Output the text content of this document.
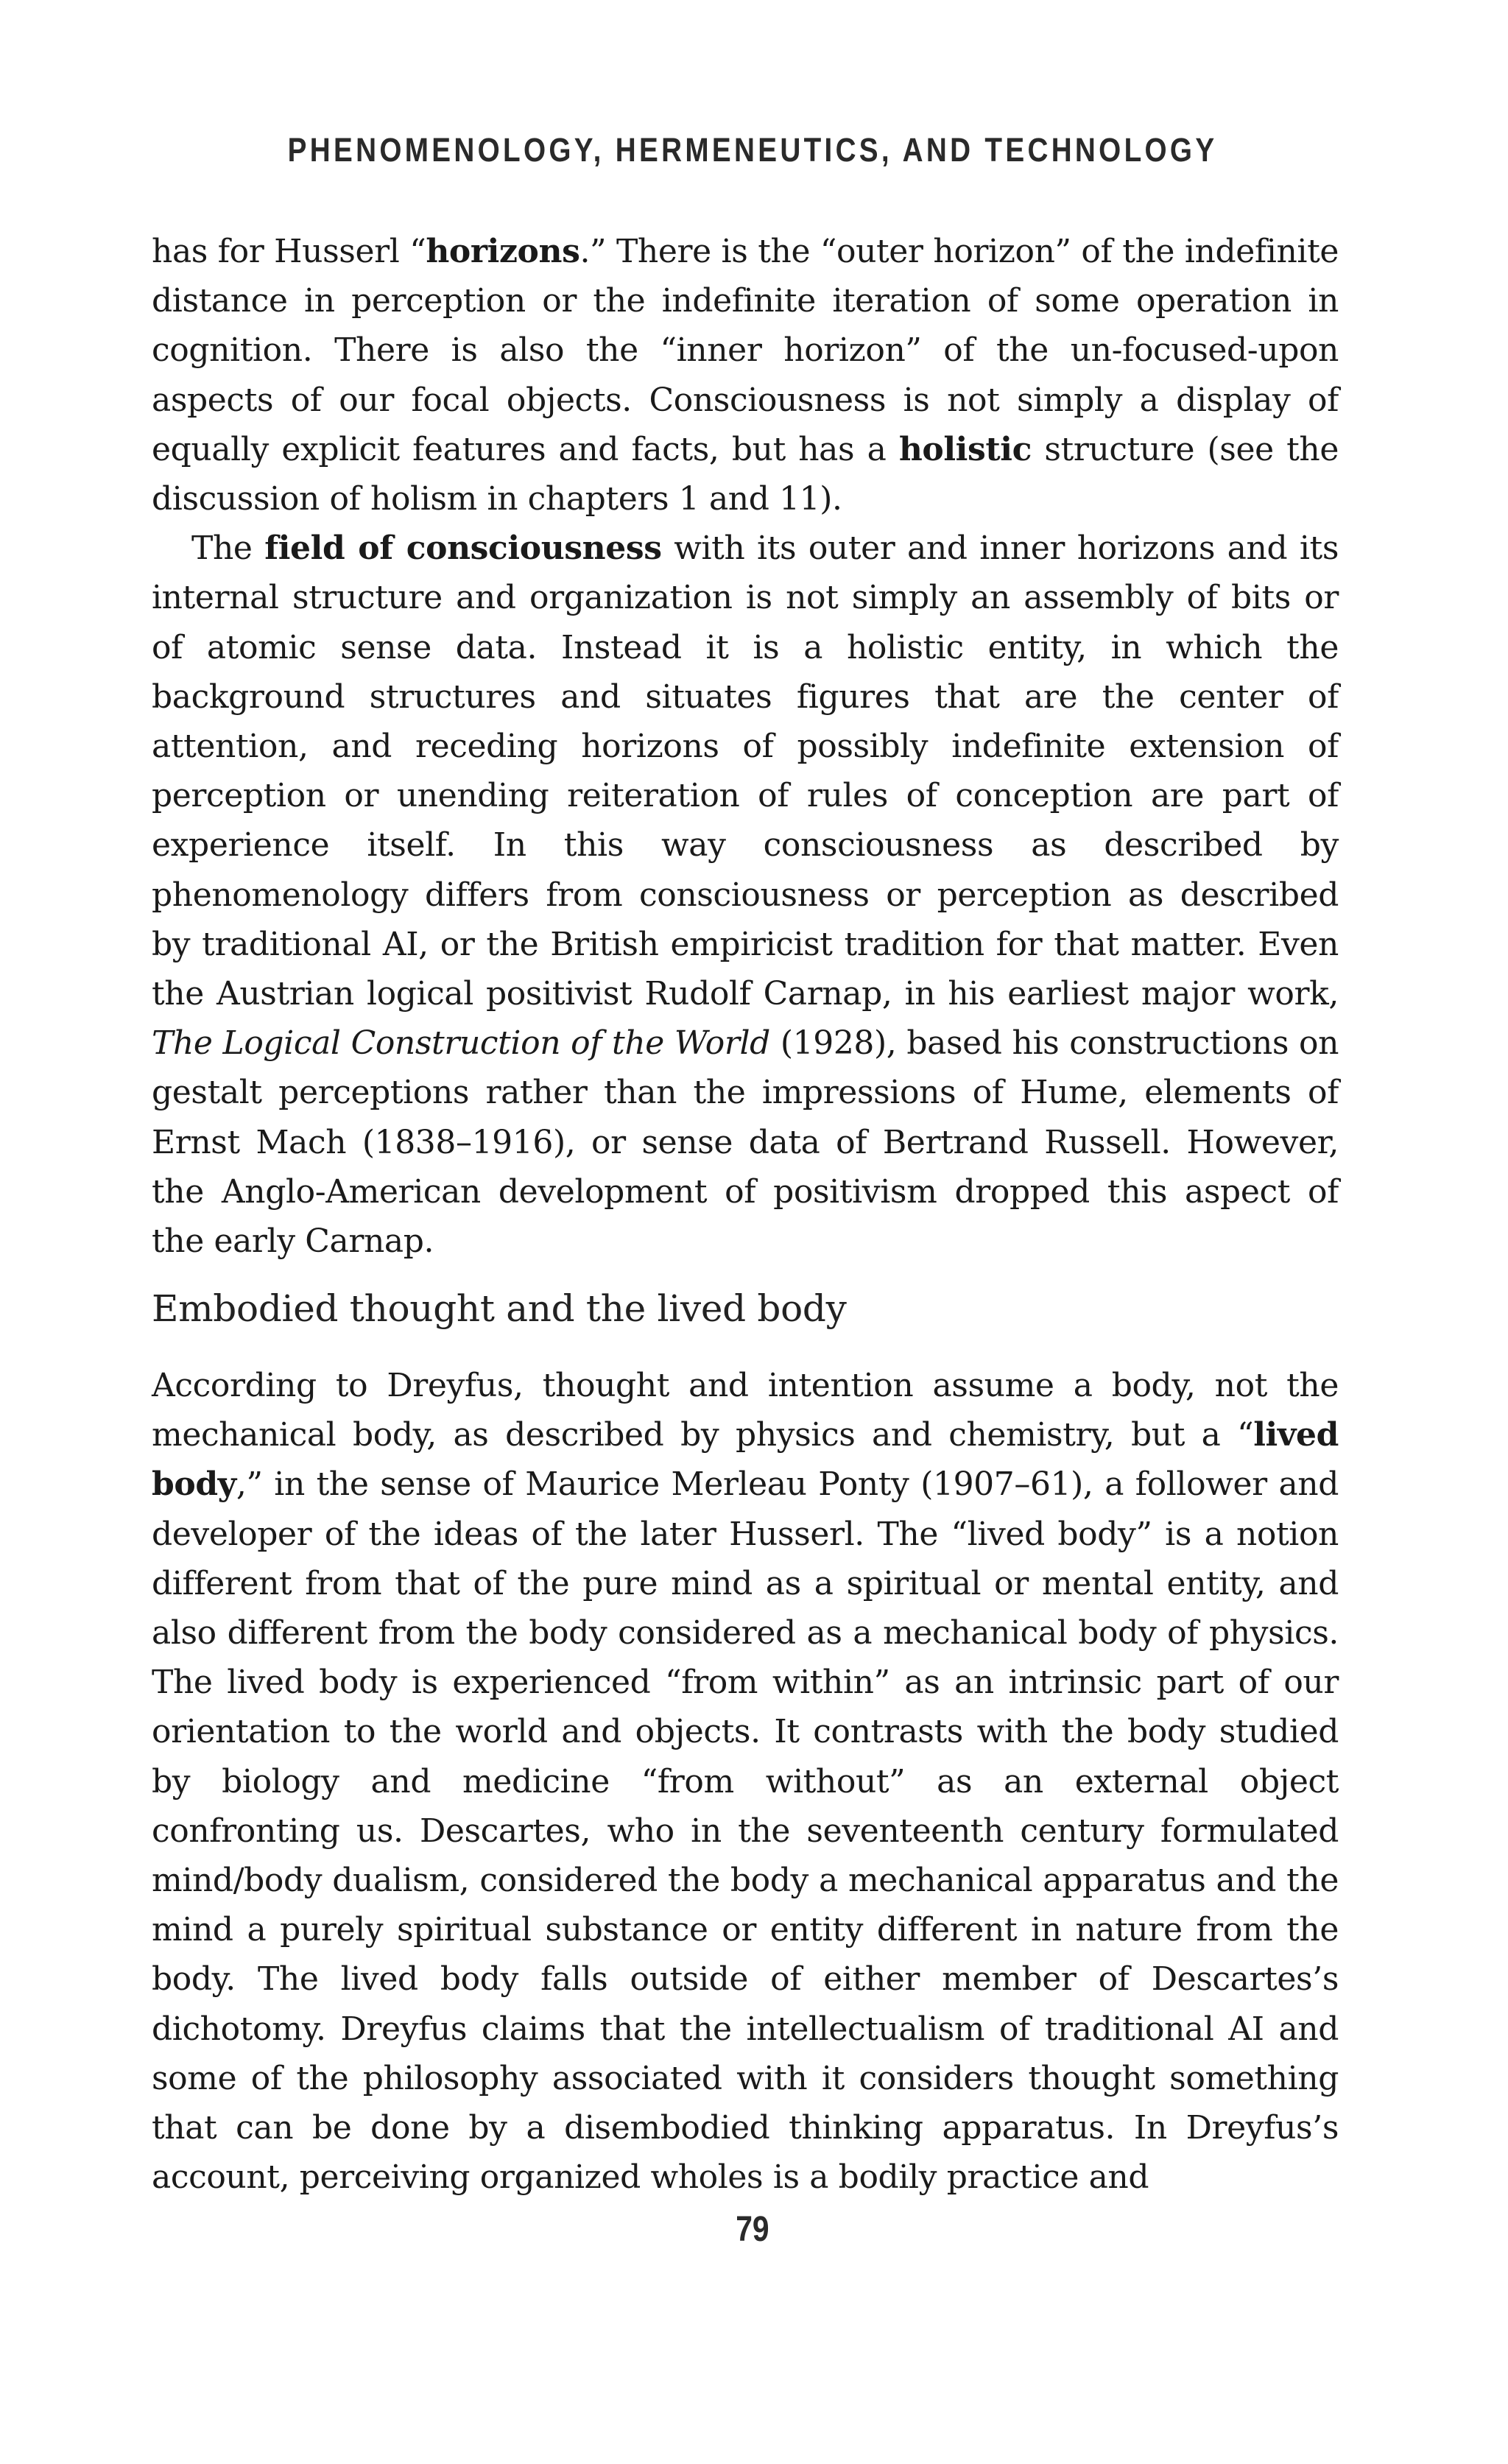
PHENOMENOLOGY, HERMENEUTICS, AND TECHNOLOGY

has for Husserl “horizons.” There is the “outer horizon” of the indefinite distance in perception or the indefinite iteration of some operation in cognition. There is also the “inner horizon” of the un-focused-upon aspects of our focal objects. Consciousness is not simply a display of equally explicit features and facts, but has a holistic structure (see the discussion of holism in chapters 1 and 11).

The field of consciousness with its outer and inner horizons and its internal structure and organization is not simply an assembly of bits or of atomic sense data. Instead it is a holistic entity, in which the background structures and situates figures that are the center of attention, and receding horizons of possibly indefinite extension of perception or unending reiteration of rules of conception are part of experience itself. In this way consciousness as described by phenomenology differs from consciousness or perception as described by traditional AI, or the British empiricist tradition for that matter. Even the Austrian logical positivist Rudolf Carnap, in his earliest major work, The Logical Construction of the World (1928), based his constructions on gestalt perceptions rather than the impressions of Hume, elements of Ernst Mach (1838–1916), or sense data of Bertrand Russell. However, the Anglo-American development of positivism dropped this aspect of the early Carnap.

Embodied thought and the lived body

According to Dreyfus, thought and intention assume a body, not the mechanical body, as described by physics and chemistry, but a “lived body,” in the sense of Maurice Merleau Ponty (1907–61), a follower and developer of the ideas of the later Husserl. The “lived body” is a notion different from that of the pure mind as a spiritual or mental entity, and also different from the body considered as a mechanical body of physics. The lived body is experienced “from within” as an intrinsic part of our orientation to the world and objects. It contrasts with the body studied by biology and medicine “from without” as an external object confronting us. Descartes, who in the seventeenth century formulated mind/body dualism, considered the body a mechanical apparatus and the mind a purely spiritual substance or entity different in nature from the body. The lived body falls outside of either member of Descartes’s dichotomy. Dreyfus claims that the intellectualism of traditional AI and some of the philosophy associated with it considers thought something that can be done by a disembodied thinking apparatus. In Dreyfus’s account, perceiving organized wholes is a bodily practice and

79
